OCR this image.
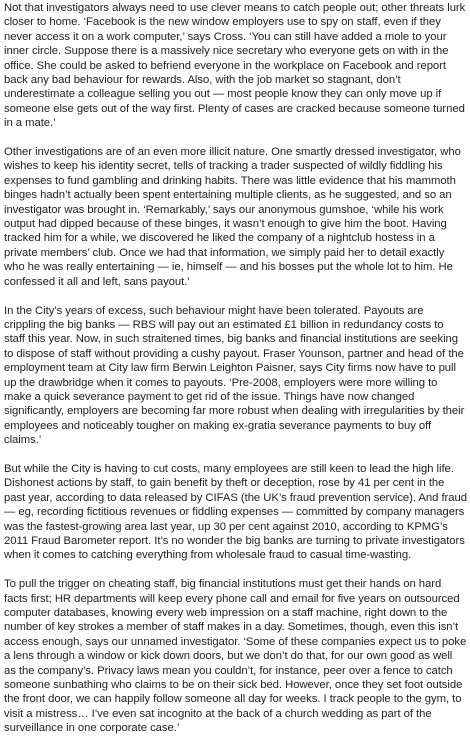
Not that investigators always need to use clever means to catch people out; other threats lurk closer to home. ‘Facebook is the new window employers use to spy on staff, even if they never access it on a work computer,’ says Cross. ‘You can still have added a mole to your inner circle. Suppose there is a massively nice secretary who everyone gets on with in the office. She could be asked to befriend everyone in the workplace on Facebook and report back any bad behaviour for rewards. Also, with the job market so stagnant, don’t underestimate a colleague selling you out — most people know they can only move up if someone else gets out of the way first. Plenty of cases are cracked because someone turned in a mate.’

Other investigations are of an even more illicit nature. One smartly dressed investigator, who wishes to keep his identity secret, tells of tracking a trader suspected of wildly fiddling his expenses to fund gambling and drinking habits. There was little evidence that his mammoth binges hadn’t actually been spent entertaining multiple clients, as he suggested, and so an investigator was brought in. ‘Remarkably,’ says our anonymous gumshoe, ‘while his work output had dipped because of these binges, it wasn’t enough to give him the boot. Having tracked him for a while, we discovered he liked the company of a nightclub hostess in a private members’ club. Once we had that information, we simply paid her to detail exactly who he was really entertaining — ie, himself — and his bosses put the whole lot to him. He confessed it all and left, sans payout.’

In the City’s years of excess, such behaviour might have been tolerated. Payouts are crippling the big banks — RBS will pay out an estimated £1 billion in redundancy costs to staff this year. Now, in such straitened times, big banks and financial institutions are seeking to dispose of staff without providing a cushy payout. Fraser Younson, partner and head of the employment team at City law firm Berwin Leighton Paisner, says City firms now have to pull up the drawbridge when it comes to payouts. ‘Pre-2008, employers were more willing to make a quick severance payment to get rid of the issue. Things have now changed significantly, employers are becoming far more robust when dealing with irregularities by their employees and noticeably tougher on making ex-gratia severance payments to buy off claims.’

But while the City is having to cut costs, many employees are still keen to lead the high life. Dishonest actions by staff, to gain benefit by theft or deception, rose by 41 per cent in the past year, according to data released by CIFAS (the UK’s fraud prevention service). And fraud — eg, recording fictitious revenues or fiddling expenses — committed by company managers was the fastest-growing area last year, up 30 per cent against 2010, according to KPMG’s 2011 Fraud Barometer report. It’s no wonder the big banks are turning to private investigators when it comes to catching everything from wholesale fraud to casual time-wasting.

To pull the trigger on cheating staff, big financial institutions must get their hands on hard facts first; HR departments will keep every phone call and email for five years on outsourced computer databases, knowing every web impression on a staff machine, right down to the number of key strokes a member of staff makes in a day. Sometimes, though, even this isn’t access enough, says our unnamed investigator. ‘Some of these companies expect us to poke a lens through a window or kick down doors, but we don’t do that, for our own good as well as the company’s. Privacy laws mean you couldn’t, for instance, peer over a fence to catch someone sunbathing who claims to be on their sick bed. However, once they set foot outside the front door, we can happily follow someone all day for weeks. I track people to the gym, to visit a mistress… I’ve even sat incognito at the back of a church wedding as part of the surveillance in one corporate case.’
